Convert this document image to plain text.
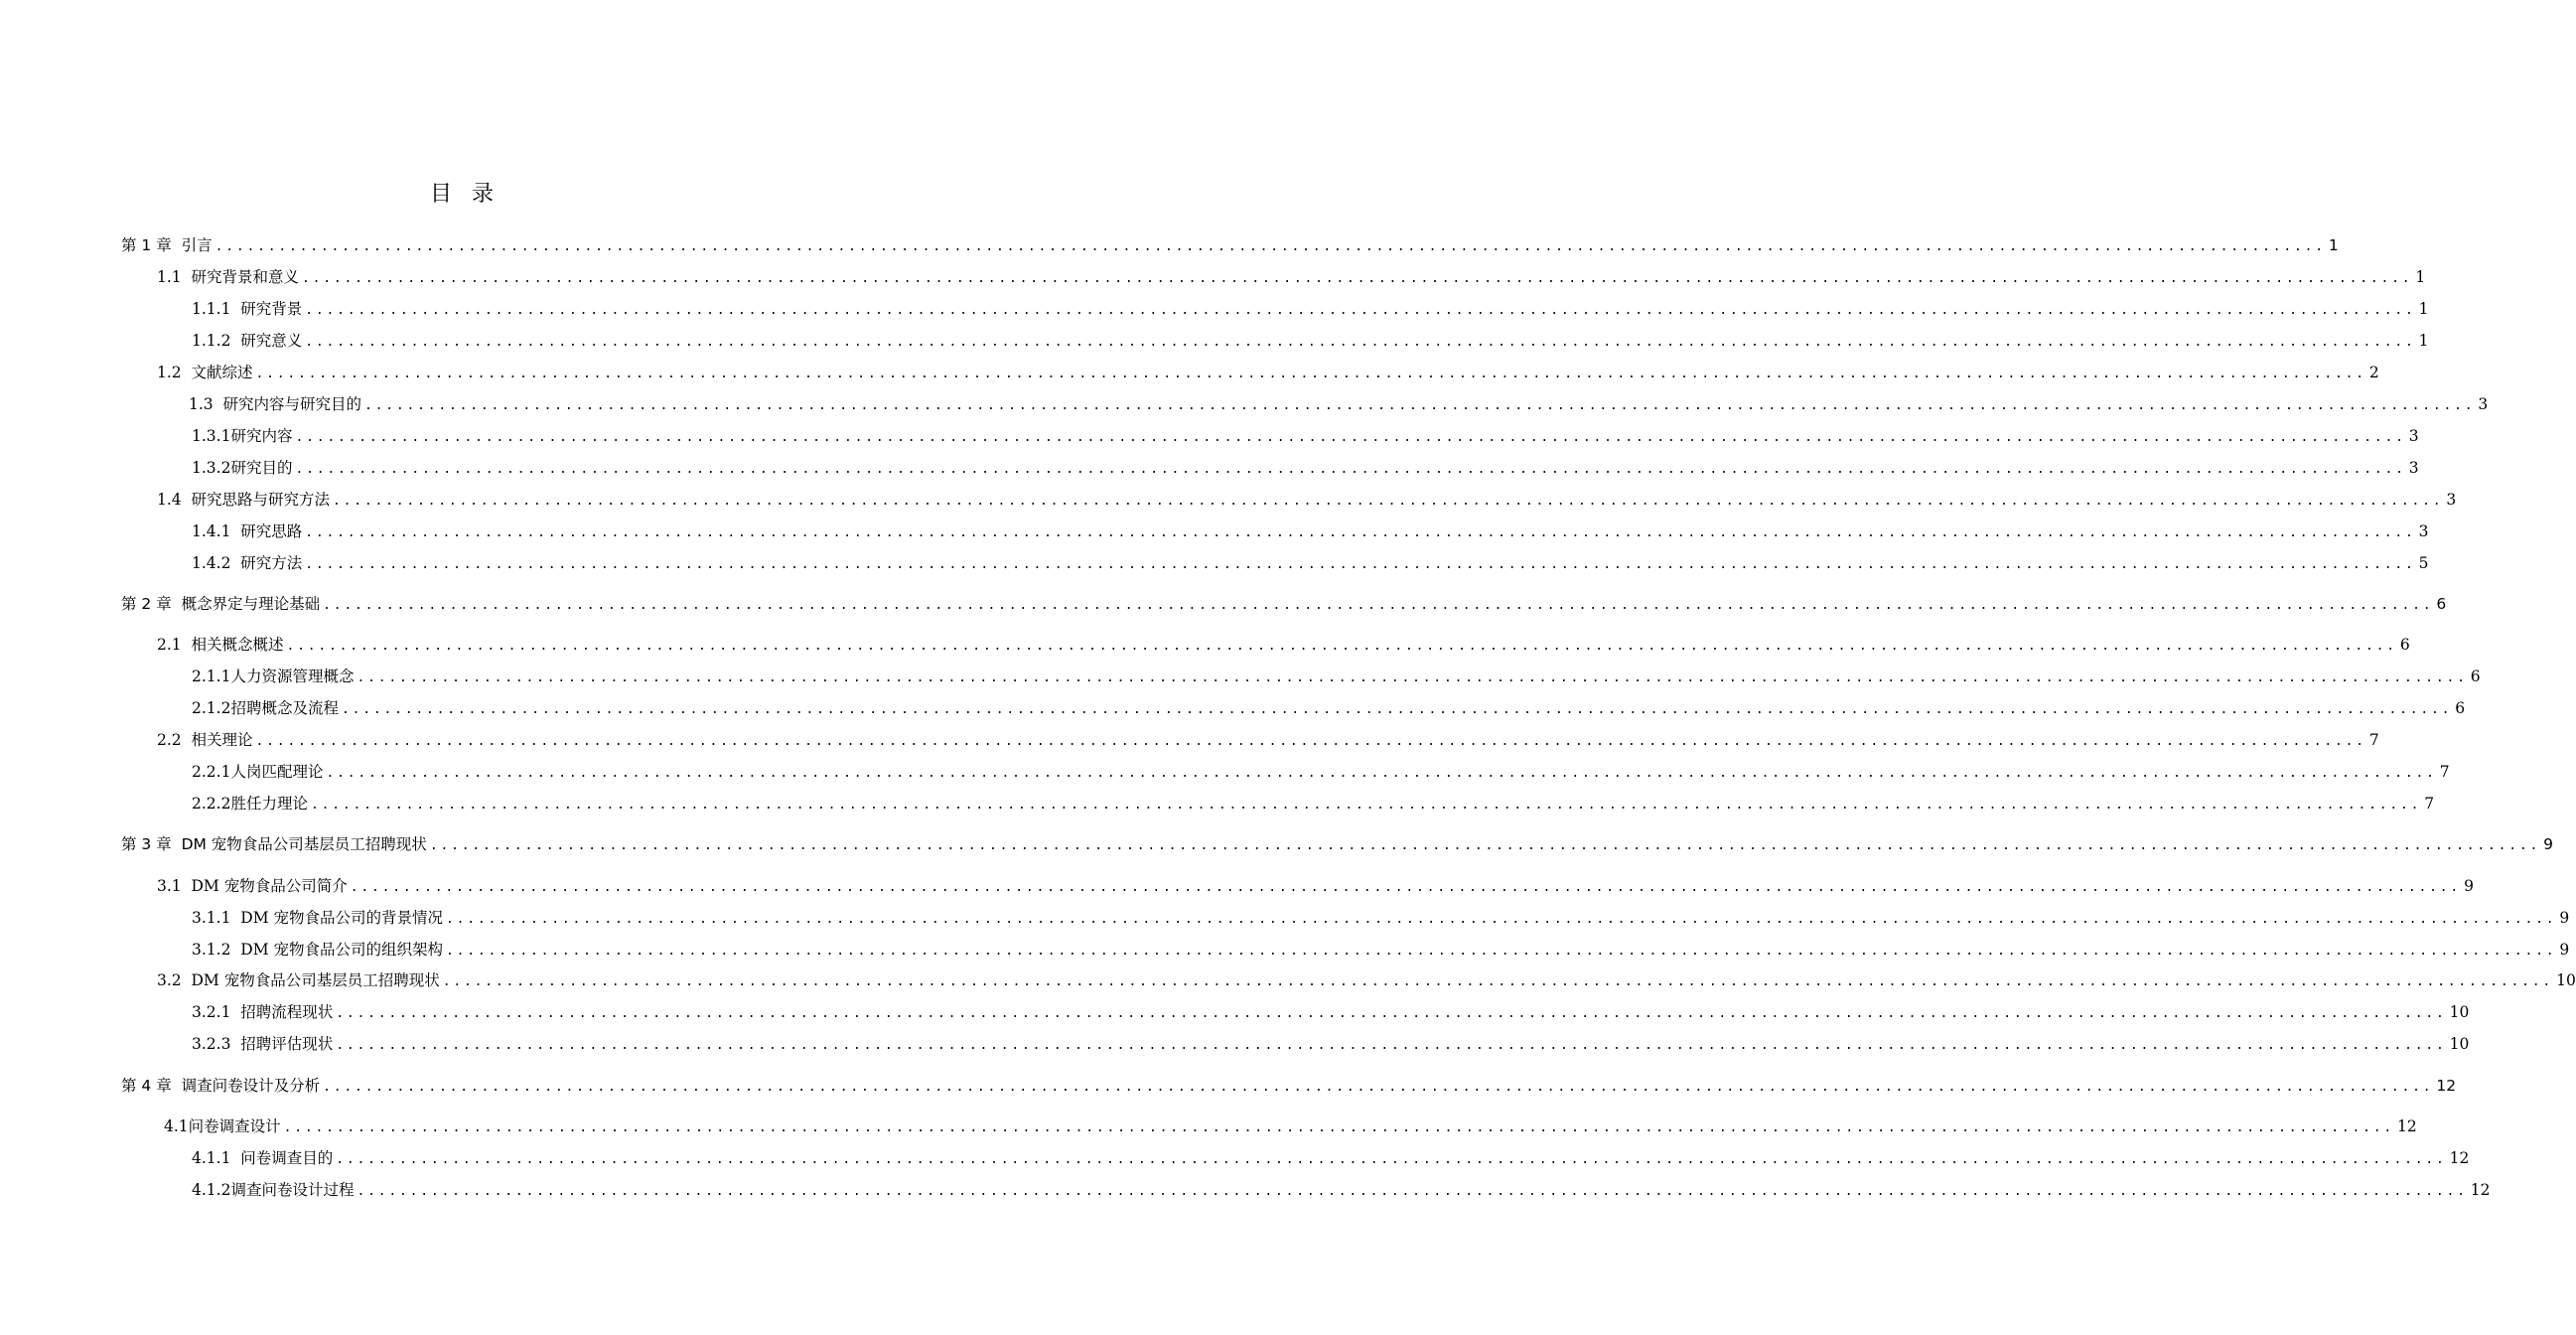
目录
第 1 章  引言 ........................................................................................................................................................................................................ 1
1.1  研究背景和意义 ........................................................................................................................................................................................................ 1
1.1.1  研究背景 ........................................................................................................................................................................................................ 1
1.1.2  研究意义 ........................................................................................................................................................................................................ 1
1.2  文献综述 ........................................................................................................................................................................................................ 2
1.3  研究内容与研究目的 ........................................................................................................................................................................................................ 3
1.3.1研究内容 ........................................................................................................................................................................................................ 3
1.3.2研究目的 ........................................................................................................................................................................................................ 3
1.4  研究思路与研究方法 ........................................................................................................................................................................................................ 3
1.4.1  研究思路 ........................................................................................................................................................................................................ 3
1.4.2  研究方法 ........................................................................................................................................................................................................ 5
第 2 章  概念界定与理论基础 ........................................................................................................................................................................................................ 6
2.1  相关概念概述 ........................................................................................................................................................................................................ 6
2.1.1人力资源管理概念 ........................................................................................................................................................................................................ 6
2.1.2招聘概念及流程 ........................................................................................................................................................................................................ 6
2.2  相关理论 ........................................................................................................................................................................................................ 7
2.2.1人岗匹配理论 ........................................................................................................................................................................................................ 7
2.2.2胜任力理论 ........................................................................................................................................................................................................ 7
第 3 章  DM 宠物食品公司基层员工招聘现状 ........................................................................................................................................................................................................ 9
3.1  DM 宠物食品公司简介 ........................................................................................................................................................................................................ 9
3.1.1  DM 宠物食品公司的背景情况 ........................................................................................................................................................................................................ 9
3.1.2  DM 宠物食品公司的组织架构 ........................................................................................................................................................................................................ 9
3.2  DM 宠物食品公司基层员工招聘现状 ........................................................................................................................................................................................................ 10
3.2.1  招聘流程现状 ........................................................................................................................................................................................................ 10
3.2.3  招聘评估现状 ........................................................................................................................................................................................................ 10
第 4 章  调查问卷设计及分析 ........................................................................................................................................................................................................ 12
4.1问卷调查设计 ........................................................................................................................................................................................................ 12
4.1.1  问卷调查目的 ........................................................................................................................................................................................................ 12
4.1.2调查问卷设计过程 ........................................................................................................................................................................................................ 12
